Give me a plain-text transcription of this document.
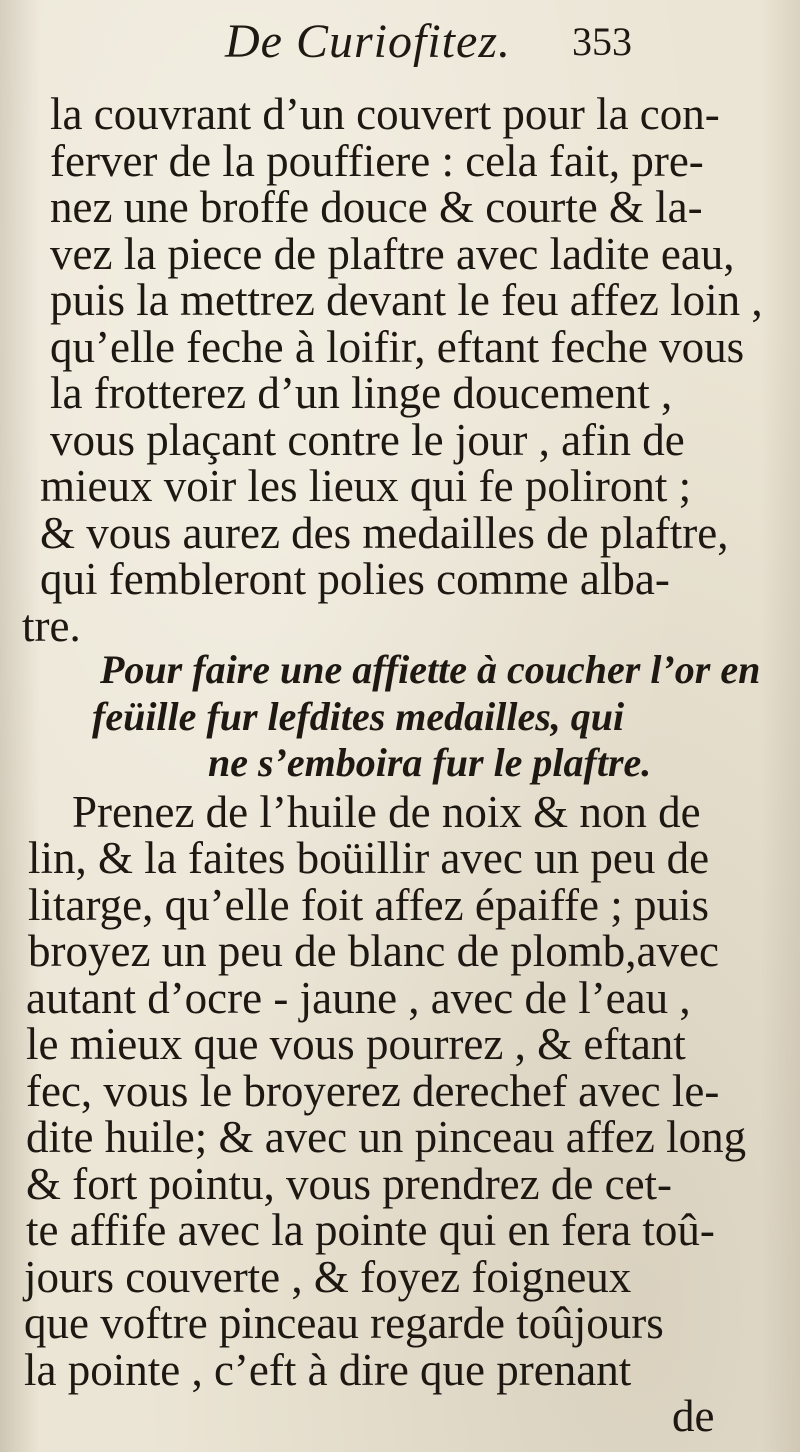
De Curiofitez. 353
la couvrant d’un couvert pour la con-
ferver de la pouffiere : cela fait, pre-
nez une broffe douce & courte & la-
vez la piece de plaftre avec ladite eau,
puis la mettrez devant le feu affez loin ,
qu’elle feche à loifir, eftant feche vous
la frotterez d’un linge doucement ,
vous plaçant contre le jour , afin de
mieux voir les lieux qui fe poliront ;
& vous aurez des medailles de plaftre,
qui fembleront polies comme alba-
tre.
Pour faire une affiette à coucher l’or en
feüille fur lefdites medailles, qui
ne s’emboira fur le plaftre.
Prenez de l’huile de noix & non de
lin, & la faites boüillir avec un peu de
litarge, qu’elle foit affez épaiffe ; puis
broyez un peu de blanc de plomb,avec
autant d’ocre - jaune , avec de l’eau ,
le mieux que vous pourrez , & eftant
fec, vous le broyerez derechef avec le-
dite huile; & avec un pinceau affez long
& fort pointu, vous prendrez de cet-
te affife avec la pointe qui en fera toû-
jours couverte , & foyez foigneux
que voftre pinceau regarde toûjours
la pointe , c’eft à dire que prenant
de
